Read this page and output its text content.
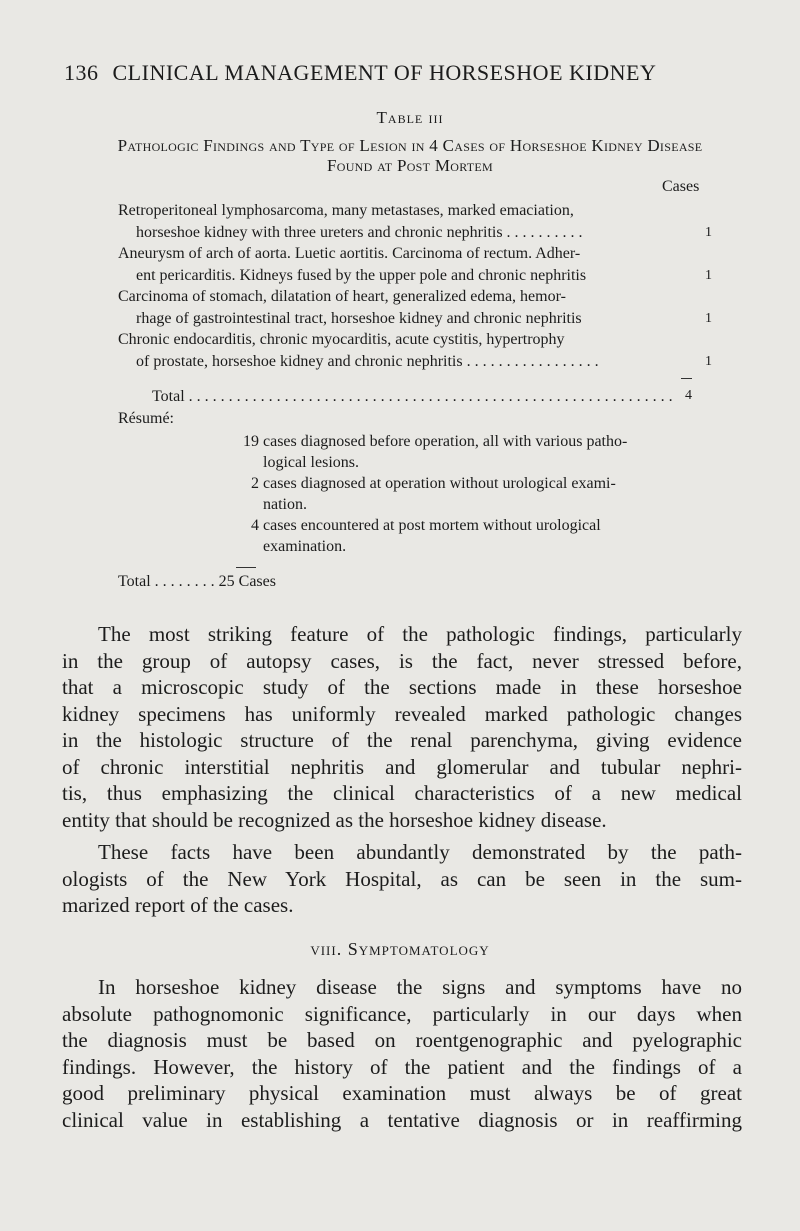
136 CLINICAL MANAGEMENT OF HORSESHOE KIDNEY
Table iii
Pathologic Findings and Type of Lesion in 4 Cases of Horseshoe Kidney Disease
Found at Post Mortem
Cases
Retroperitoneal lymphosarcoma, many metastases, marked emaciation,
horseshoe kidney with three ureters and chronic nephritis . . . . . . . . . .	1
Aneurysm of arch of aorta. Luetic aortitis. Carcinoma of rectum. Adher-
ent pericarditis. Kidneys fused by the upper pole and chronic nephritis	1
Carcinoma of stomach, dilatation of heart, generalized edema, hemor-
rhage of gastrointestinal tract, horseshoe kidney and chronic nephritis	1
Chronic endocarditis, chronic myocarditis, acute cystitis, hypertrophy
of prostate, horseshoe kidney and chronic nephritis . . . . . . . . . . . . . . . . .	1
Total . . . . . . . . . . . . . . . . . . . . . . . . . . . . . . . . . . . . . . . . . . . . . . . . . . . . . . . . . . . . . 4
Résumé:
19 cases diagnosed before operation, all with various patho-
logical lesions.
2 cases diagnosed at operation without urological exami-
nation.
4 cases encountered at post mortem without urological
examination.
Total . . . . . . . . 25 Cases
The most striking feature of the pathologic findings, particularly
in the group of autopsy cases, is the fact, never stressed before,
that a microscopic study of the sections made in these horseshoe
kidney specimens has uniformly revealed marked pathologic changes
in the histologic structure of the renal parenchyma, giving evidence
of chronic interstitial nephritis and glomerular and tubular nephri-
tis, thus emphasizing the clinical characteristics of a new medical
entity that should be recognized as the horseshoe kidney disease.
These facts have been abundantly demonstrated by the path-
ologists of the New York Hospital, as can be seen in the sum-
marized report of the cases.
viii. Symptomatology
In horseshoe kidney disease the signs and symptoms have no
absolute pathognomonic significance, particularly in our days when
the diagnosis must be based on roentgenographic and pyelographic
findings. However, the history of the patient and the findings of a
good preliminary physical examination must always be of great
clinical value in establishing a tentative diagnosis or in reaffirming
